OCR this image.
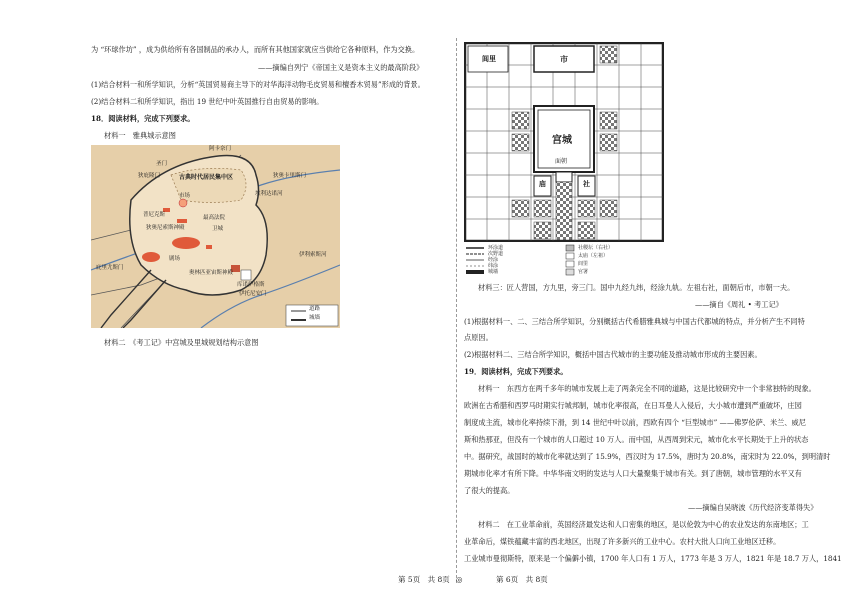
为 “环球作坊” ，成为供给所有各国制品的承办人，而所有其他国家就应当供给它各种原料，作为交换。
——摘编自列宁《帝国主义是资本主义的最高阶段》
(1)结合材料一和所学知识，分析“英国贸易商主导下的对华海洋动物毛皮贸易和檀香木贸易”形成的背景。
(2)结合材料二和所学知识，指出 19 世纪中叶英国推行自由贸易的影响。
18．阅读材料，完成下列要求。
材料一　雅典城示意图
阿卡奈门
圣门
狄庇隆门	古典时代居民集中区	狄奥卡里斯门
埃利达诺河
市场
普尼克斯	最高法院
狄奥尼索斯神殿	卫城
剧场
奥林匹亚宙斯神殿
库诺萨格斯
伊托尼安门
伊利索斯河
庇里尤斯门
道路
城墙
材料二　《考工记》中宫城及里城规划结构示意图
闾里	市
宫城
面朝
庙	社
环涂道
次野道
经涂
纬涂
城墙
社稷坛（右社）
太庙（左祖）
闾里
官署
材料三：匠人营国，方九里，旁三门。国中九经九纬，经涂九轨。左祖右社，面朝后市，市朝一夫。
——摘自《周礼 • 考工记》
(1)根据材料一、二、三结合所学知识，分别概括古代希腊雅典城与中国古代都城的特点，并分析产生不同特
点原因。
(2)根据材料二、三结合所学知识，概括中国古代城市的主要功能及推动城市形成的主要因素。
19．阅读材料，完成下列要求。
材料一　东西方在两千多年的城市发展上走了两条完全不同的道路，这是比较研究中一个非常独特的现象。
欧洲在古希腊和西罗马时期实行城邦制，城市化率很高，在日耳曼人入侵后，大小城市遭到严重破坏，庄园
制度成主流，城市化率持续下滑，到 14 世纪中叶以前，西欧有四个 “巨型城市” ——佛罗伦萨、米兰、威尼
斯和热那亚，但没有一个城市的人口超过 10 万人。而中国，从西周到宋元，城市化水平长期处于上升的状态
中。据研究，战国时的城市化率就达到了 15.9%，西汉时为 17.5%，唐时为 20.8%，南宋时为 22.0%，到明清时
期城市化率才有所下降。中华华南文明的发达与人口大量聚集于城市有关。到了唐朝，城市管理的水平又有
了很大的提高。
——摘编自吴晓波《历代经济变革得失》
材料二　在工业革命前，英国经济最发达和人口密集的地区，是以伦敦为中心的农业发达的东南地区；工
业革命后，煤铁蕴藏丰富的西北地区，出现了许多新兴的工业中心。农村大批人口向工业地区迁移。
工业城市曼彻斯特，原来是一个偏僻小镇，1700 年人口有 1 万人，1773 年是 3 万人，1821 年是 18.7 万人，1841
第 5页　共 8页 ◎	第 6页　共 8页
